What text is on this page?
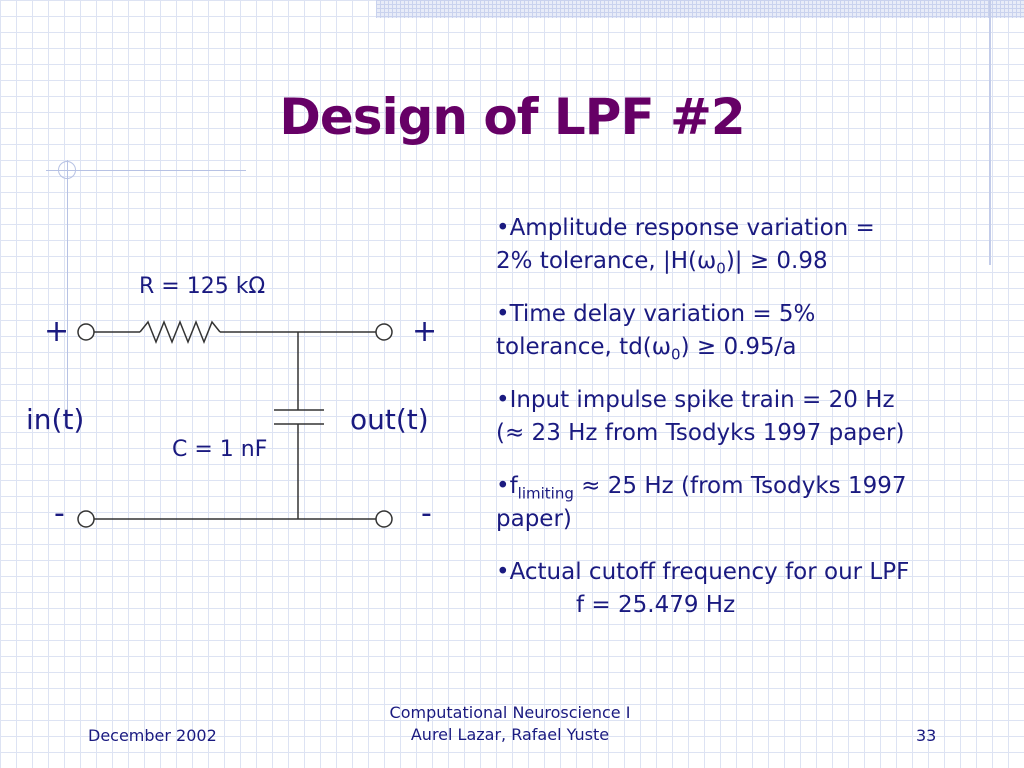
Design of LPF #2
R = 125 kΩ
C = 1 nF
in(t)	out(t)
+	+
-	-
•Amplitude response variation =
2% tolerance, $|H(\omega_0)| \ge 0.98$
•Time delay variation = 5%
tolerance, $td(\omega_0) \ge 0.95/a$
•Input impulse spike train = 20 Hz
(≈ 23 Hz from Tsodyks 1997 paper)
$•f_{limiting} \approx 25$ Hz (from Tsodyks 1997
paper)
•Actual cutoff frequency for our LPF
f = 25.479 Hz
December 2002
Computational Neuroscience I
Aurel Lazar, Rafael Yuste	33
